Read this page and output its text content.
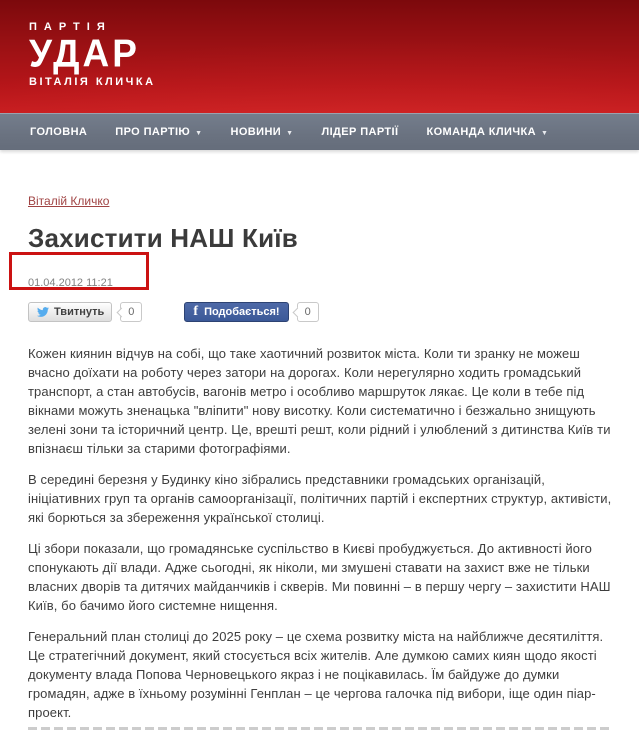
ПАРТІЯ
УДАР
ВІТАЛІЯ КЛИЧКА
ГОЛОВНА	ПРО ПАРТІЮ ▼	НОВИНИ ▼	ЛІДЕР ПАРТІЇ	КОМАНДА КЛИЧКА ▼
Віталій Кличко
Захистити НАШ Київ
01.04.2012 11:21
Твитнуть	0	f Подобається!	0

Кожен киянин відчув на собі, що таке хаотичний розвиток міста. Коли ти зранку не можеш вчасно доїхати на роботу через затори на дорогах. Коли нерегулярно ходить громадський транспорт, а стан автобусів, вагонів метро і особливо маршруток лякає. Це коли в тебе під вікнами можуть зненацька "вліпити" нову висотку. Коли систематично і безжально знищують зелені зони та історичний центр. Це, врешті решт, коли рідний і улюблений з дитинства Київ ти впізнаєш тільки за старими фотографіями.

В середині березня у Будинку кіно зібрались представники громадських організацій, ініціативних груп та органів самоорганізації, політичних партій і експертних структур, активісти, які борються за збереження української столиці.

Ці збори показали, що громадянське суспільство в Києві пробуджується. До активності його спонукають дії влади. Адже сьогодні, як ніколи, ми змушені ставати на захист вже не тільки власних дворів та дитячих майданчиків і скверів. Ми повинні – в першу чергу – захистити НАШ Київ, бо бачимо його системне нищення.

Генеральний план столиці до 2025 року – це схема розвитку міста на найближче десятиліття. Це стратегічний документ, який стосується всіх жителів. Але думкою самих киян щодо якості документу влада Попова Черновецького якраз і не поцікавилась. Їм байдуже до думки громадян, адже в їхньому розумінні Генплан – це чергова галочка під вибори, іще один піар-проект.
